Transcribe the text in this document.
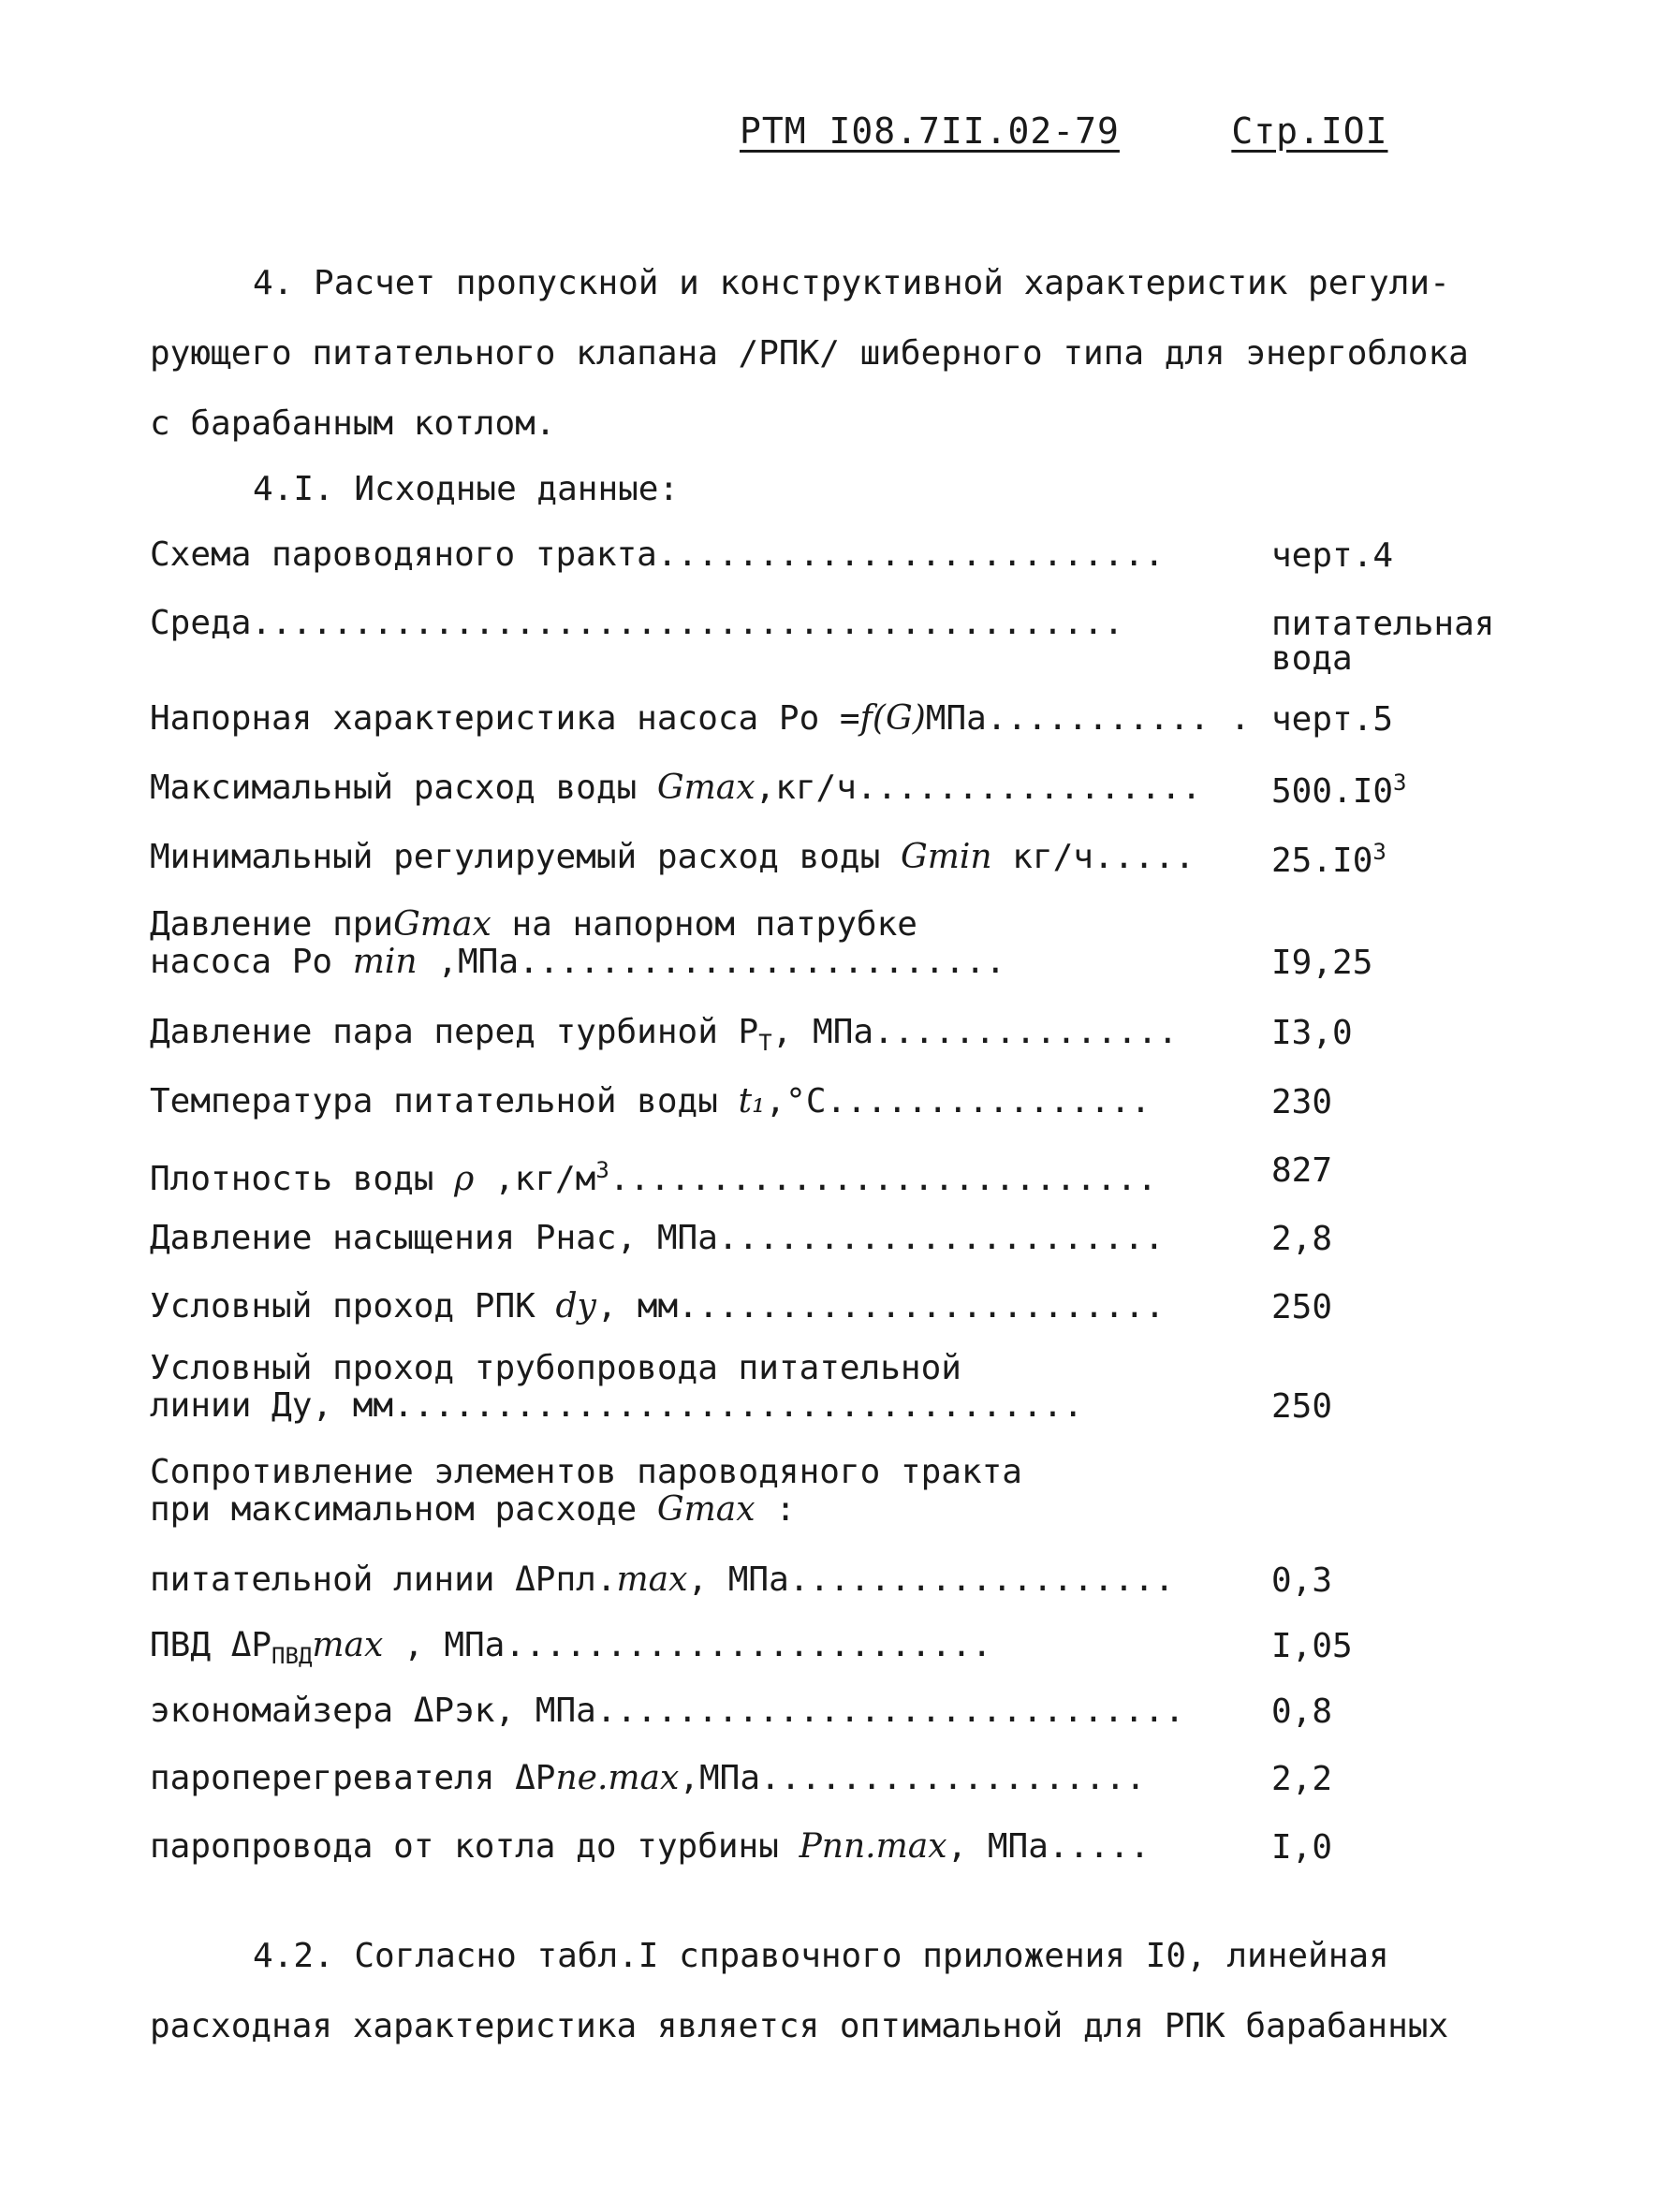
РТМ I08.7II.02-79	Стр.IOI

4. Расчет пропускной и конструктивной характеристик регули-

рующего питательного клапана /РПК/ шиберного типа для энергоблока

с барабанным котлом.

4.I. Исходные данные:

Схема пароводяного тракта.........................	черт.4
Среда...........................................	питательная
вода
Напорная характеристика насоса Ро =f(G)МПа........... . черт.5
Максимальный расход воды Gmax,кг/ч.................	$500.I0^3$
Минимальный регулируемый расход воды Gmin кг/ч.....	$25.I0^3$
Давление приGmax на напорном патрубке
насоса Ро min ,МПа........................	I9,25
Давление пара перед турбиной $Р_Т$, МПа...............	I3,0
Температура питательной воды t₁,°С................	230
Плотность воды ρ $,кг/м^3$...........................	827
Давление насыщения Рнас, МПа......................	2,8
Условный проход РПК dу, мм........................	250
Условный проход трубопровода питательной
линии Ду, мм..................................	250
Сопротивление элементов пароводяного тракта
при максимальном расходе Gmax :
питательной линии ΔРпл.max, МПа...................	0,3
ПВД $\Delta Р_{ПВД}\max$ , МПа........................	I,05
экономайзера ΔРэк, МПа.............................	0,8
пароперегревателя ΔРпе.max,МПа...................	2,2
паропровода от котла до турбины Рпп.max, МПа.....	I,0

4.2. Согласно табл.I справочного приложения I0, линейная

расходная характеристика является оптимальной для РПК барабанных
